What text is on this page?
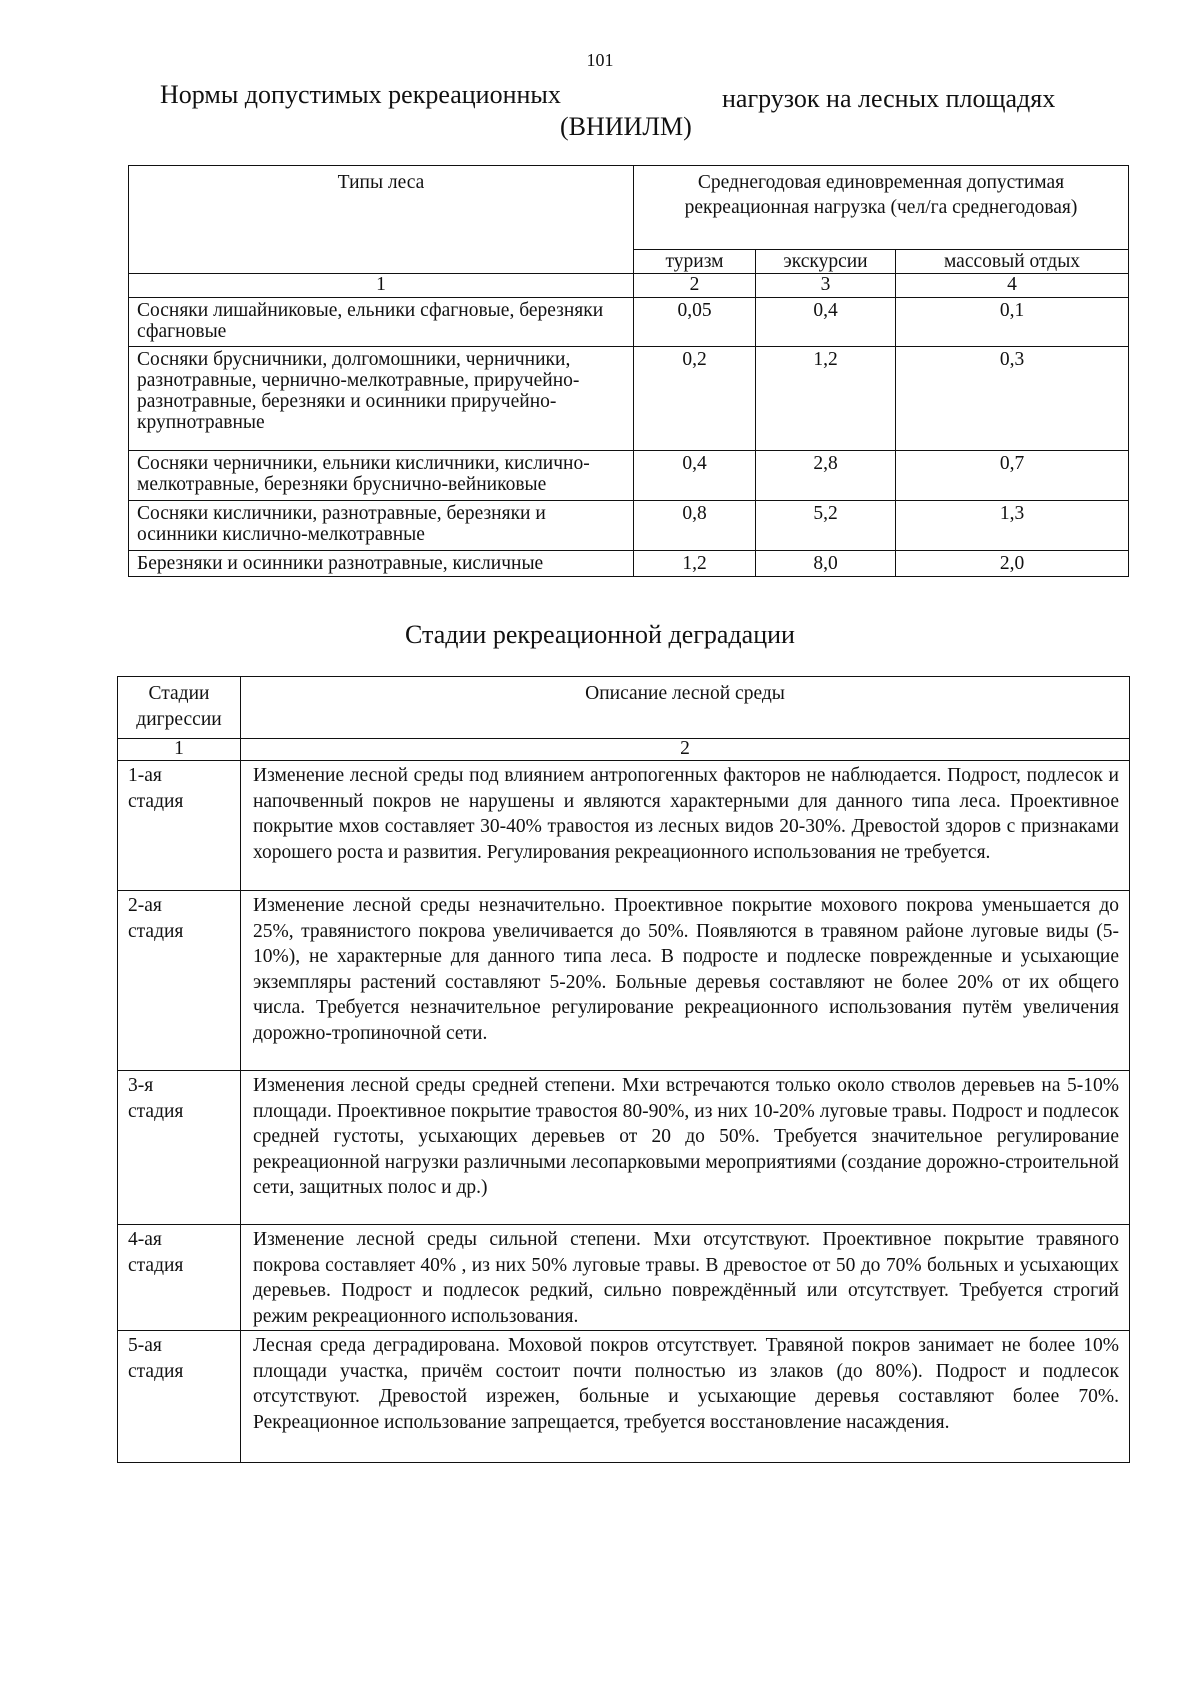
101
Нормы допустимых рекреационных	нагрузок на лесных площадях
(ВНИИЛМ)
Типы леса	Среднегодовая единовременная допустимая рекреационная нагрузка (чел/га среднегодовая)		
	туризм	экскурсии	массовый отдых
1	2	3	4
Сосняки лишайниковые, ельники сфагновые, березняки сфагновые	0,05	0,4	0,1
Сосняки брусничники, долгомошники, черничники, разнотравные, чернично-мелкотравные, приручейно-разнотравные, березняки и осинники приручейно-крупнотравные	0,2	1,2	0,3
Сосняки черничники, ельники кисличники, кислично-мелкотравные, березняки бруснично-вейниковые	0,4	2,8	0,7
Сосняки кисличники, разнотравные, березняки и осинники кислично-мелкотравные	0,8	5,2	1,3
Березняки и осинники разнотравные, кисличные	1,2	8,0	2,0
Стадии рекреационной деградации
Стадии дигрессии	Описание лесной среды
1	2

1-ая
стадия	Изменение лесной среды под влиянием антропогенных факторов не наблюдается. Подрост, подлесок и напочвенный покров не нарушены и являются характерными для данного типа леса. Проективное покрытие мхов составляет 30-40% травостоя из лесных видов 20-30%. Древостой здоров с признаками хорошего роста и развития. Регулирования рекреационного использования не требуется.

2-ая
стадия	Изменение лесной среды незначительно. Проективное покрытие мохового покрова уменьшается до 25%, травянистого покрова увеличивается до 50%. Появляются в травяном районе луговые виды (5-10%), не характерные для данного типа леса. В подросте и подлеске поврежденные и усыхающие экземпляры растений составляют 5-20%. Больные деревья составляют не более 20% от их общего числа. Требуется незначительное регулирование рекреационного использования путём увеличения дорожно-тропиночной сети.

3-я
стадия	Изменения лесной среды средней степени. Мхи встречаются только около стволов деревьев на 5-10% площади. Проективное покрытие травостоя 80-90%, из них 10-20% луговые травы. Подрост и подлесок средней густоты, усыхающих деревьев от 20 до 50%. Требуется значительное регулирование рекреационной нагрузки различными лесопарковыми мероприятиями (создание дорожно-строительной сети, защитных полос и др.)

4-ая
стадия	Изменение лесной среды сильной степени. Мхи отсутствуют. Проективное покрытие травяного покрова составляет 40% , из них 50% луговые травы. В древостое от 50 до 70% больных и усыхающих деревьев. Подрост и подлесок редкий, сильно повреждённый или отсутствует. Требуется строгий режим рекреационного использования.

5-ая
стадия	Лесная среда деградирована. Моховой покров отсутствует. Травяной покров занимает не более 10% площади участка, причём состоит почти полностью из злаков (до 80%). Подрост и подлесок отсутствуют. Древостой изрежен, больные и усыхающие деревья составляют более 70%. Рекреационное использование запрещается, требуется восстановление насаждения.
